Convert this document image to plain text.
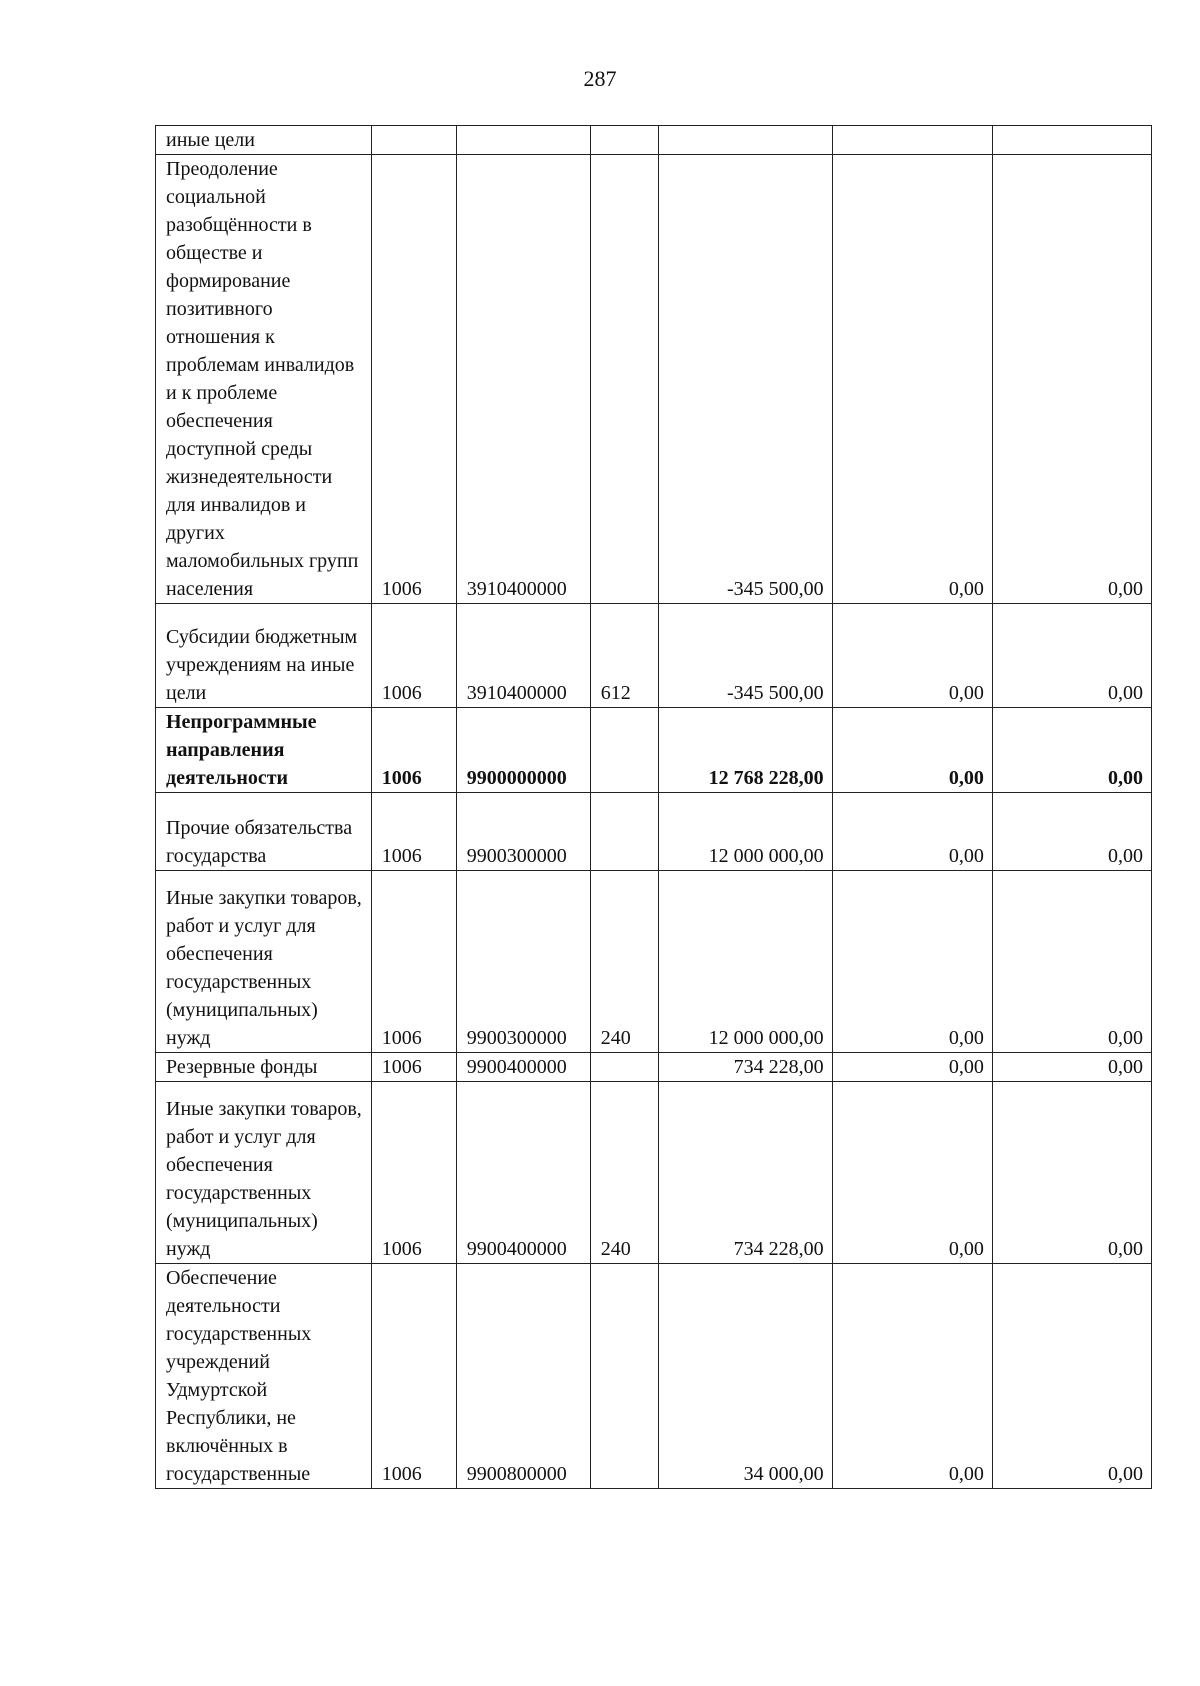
287
иные цели						
Преодоление социальной разобщённости в обществе и формирование позитивного отношения к проблемам инвалидов и к проблеме обеспечения доступной среды жизнедеятельности для инвалидов и других маломобильных групп населения	1006	3910400000		-345 500,00	0,00	0,00
Субсидии бюджетным учреждениям на иные цели	1006	3910400000	612	-345 500,00	0,00	0,00
Непрограммные направления деятельности	1006	9900000000		12 768 228,00	0,00	0,00
Прочие обязательства государства	1006	9900300000		12 000 000,00	0,00	0,00
Иные закупки товаров, работ и услуг для обеспечения государственных (муниципальных) нужд	1006	9900300000	240	12 000 000,00	0,00	0,00
Резервные фонды	1006	9900400000		734 228,00	0,00	0,00
Иные закупки товаров, работ и услуг для обеспечения государственных (муниципальных) нужд	1006	9900400000	240	734 228,00	0,00	0,00
Обеспечение деятельности государственных учреждений Удмуртской Республики, не включённых в государственные	1006	9900800000		34 000,00	0,00	0,00
